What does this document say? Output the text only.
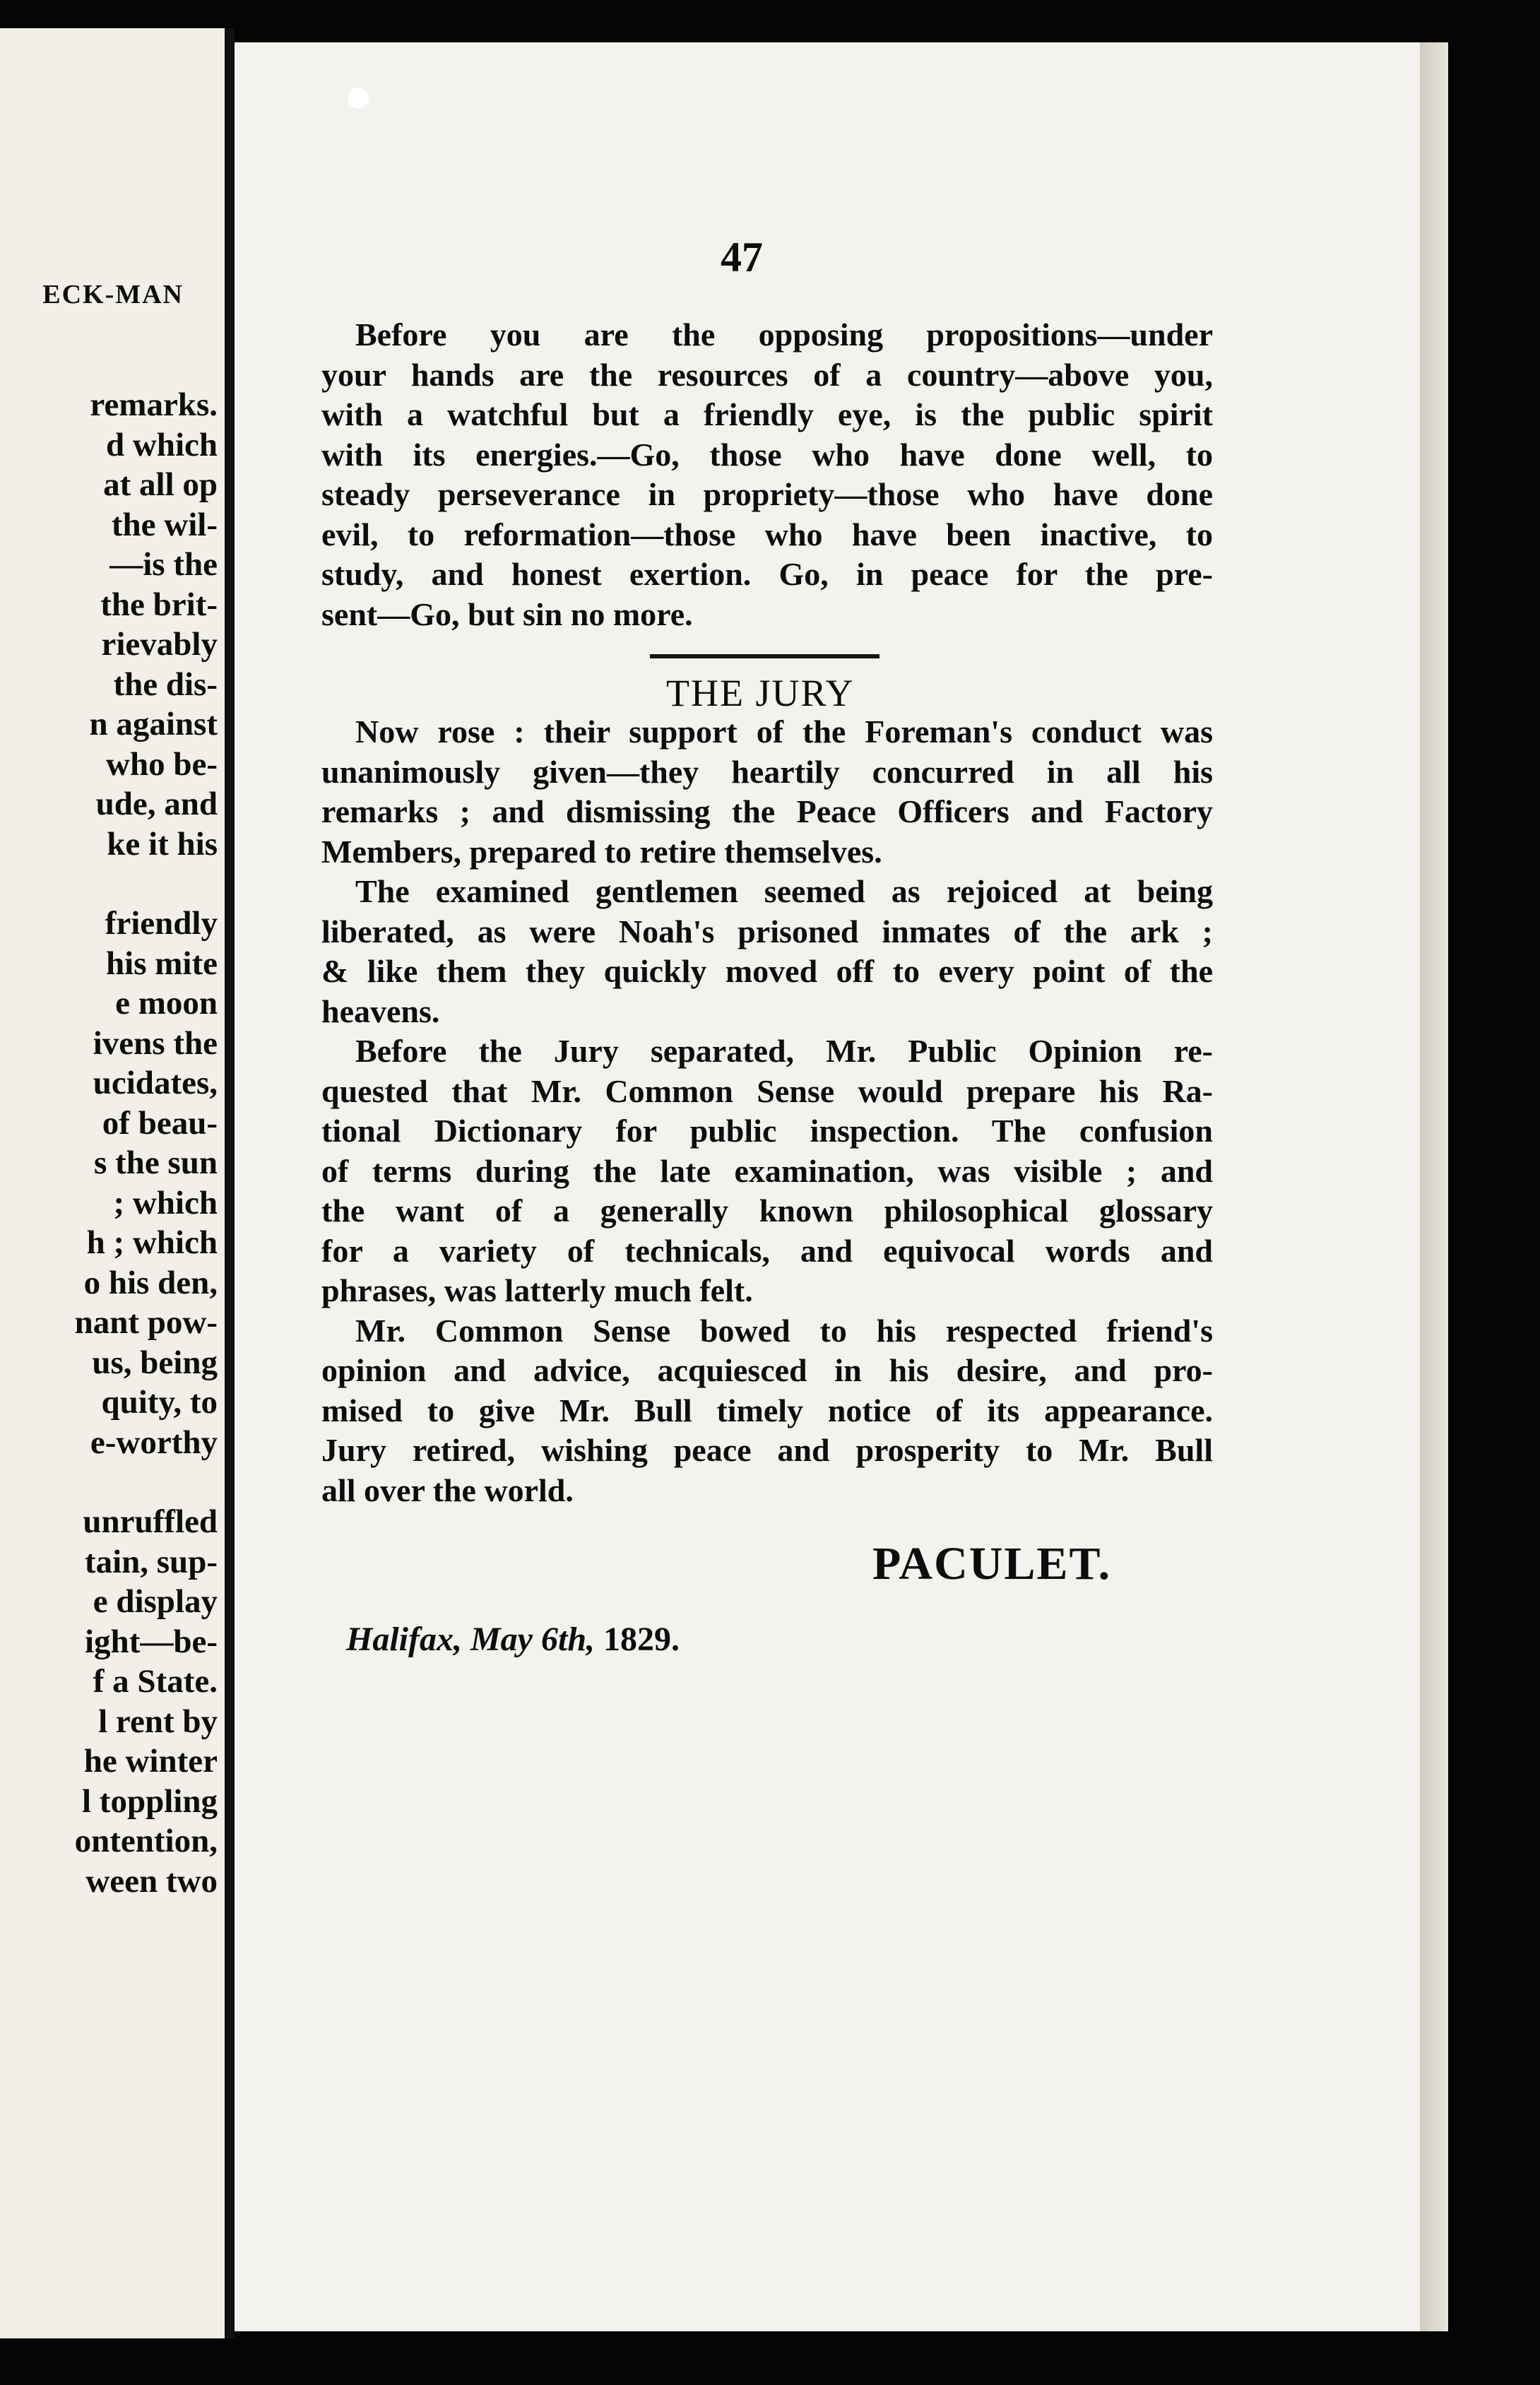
ECK-MAN
remarks.
d which
at all op
the wil-
—is the
the brit-
rievably
the dis-
n against
who be-
ude, and
ke it his
friendly
his mite
e moon
ivens the
ucidates,
of beau-
s the sun
; which
h ; which
o his den,
nant pow-
us, being
quity, to
e-worthy
unruffled
tain, sup-
e display
ight—be-
f a State.
l rent by
he winter
l toppling
ontention,
ween two
47
Before you are the opposing propositions—under
your hands are the resources of a country—above you,
with a watchful but a friendly eye, is the public spirit
with its energies.—Go, those who have done well, to
steady perseverance in propriety—those who have done
evil, to reformation—those who have been inactive, to
study, and honest exertion. Go, in peace for the pre-
sent—Go, but sin no more.
THE JURY
Now rose : their support of the Foreman's conduct was
unanimously given—they heartily concurred in all his
remarks ; and dismissing the Peace Officers and Factory
Members, prepared to retire themselves.
The examined gentlemen seemed as rejoiced at being
liberated, as were Noah's prisoned inmates of the ark ;
& like them they quickly moved off to every point of the
heavens.
Before the Jury separated, Mr. Public Opinion re-
quested that Mr. Common Sense would prepare his Ra-
tional Dictionary for public inspection. The confusion
of terms during the late examination, was visible ; and
the want of a generally known philosophical glossary
for a variety of technicals, and equivocal words and
phrases, was latterly much felt.
Mr. Common Sense bowed to his respected friend's
opinion and advice, acquiesced in his desire, and pro-
mised to give Mr. Bull timely notice of its appearance.
Jury retired, wishing peace and prosperity to Mr. Bull
all over the world.
PACULET.
Halifax, May 6th, 1829.
